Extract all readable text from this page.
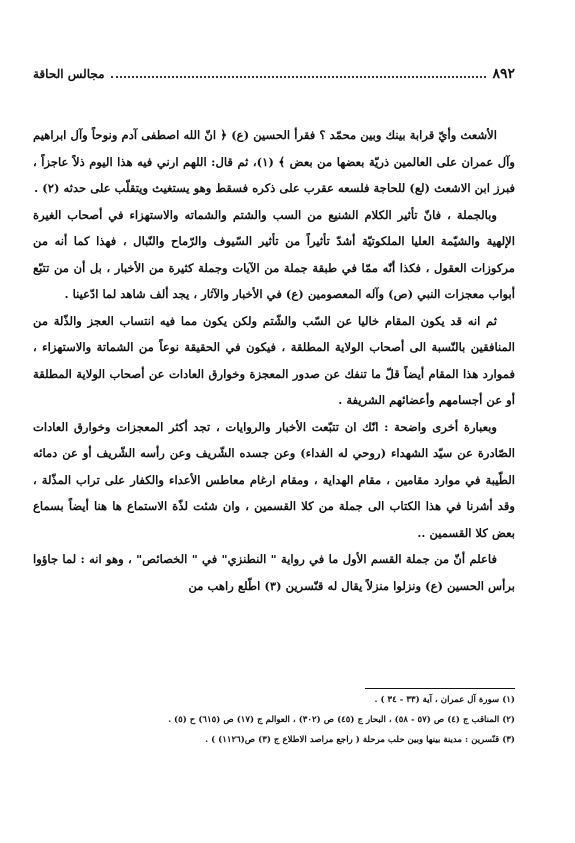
٨٩٢
مجالس الحاقة

الأشعث وأيّ قرابة بينك وبين محمّد ؟ فقرأ الحسين (ع) ﴿ انّ الله اصطفى آدم ونوحاً وآل ابراهيم وآل عمران على العالمين ذريّة بعضها من بعض ﴾ (١)، ثم قال: اللهم ارني فيه هذا اليوم ذلاً عاجزاً ، فبرز ابن الاشعث (لع) للحاجة فلسعه عقرب على ذكره فسقط وهو يستغيث ويتقلّب على حدثه (٢) .

وبالجملة ، فانّ تأثير الكلام الشنيع من السب والشتم والشماته والاستهزاء في أصحاب الغيرة الإلهية والشيّمة العليا الملكوتيّة أشدّ تأثيراً من تأثير السّيوف والرّماح والنّبال ، فهذا كما أنه من مركوزات العقول ، فكذا أنّه ممّا في طبقة جملة من الآيات وجملة كثيرة من الأخبار ، بل أن من تتبّع أبواب معجزات النبي (ص) وآله المعصومين (ع) في الأخبار والآثار ، يجد ألف شاهد لما ادّعينا .

ثم انه قد يكون المقام خاليا عن السّب والشّتم ولكن يكون مما فيه انتساب العجز والذّلة من المنافقين بالنّسبة الى أصحاب الولاية المطلقة ، فيكون في الحقيقة نوعاً من الشماتة والاستهزاء ، فموارد هذا المقام أيضاً قلّ ما تنفك عن صدور المعجزة وخوارق العادات عن أصحاب الولاية المطلقة أو عن أجسامهم وأعضائهم الشريفة .

وبعبارة أخرى واضحة : انّك ان تتبّعت الأخبار والروايات ، تجد أكثر المعجزات وخوارق العادات الصّادرة عن سيّد الشهداء (روحي له الفداء) وعن جسده الشّريف وعن رأسه الشّريف أو عن دمائه الطّيبة في موارد مقامين ، مقام الهداية ، ومقام ارغام معاطس الأعداء والكفار على تراب المذّلة ، وقد أشرنا في هذا الكتاب الى جملة من كلا القسمين ، وان شئت لذّة الاستماع ها هنا أيضاً بسماع بعض كلا القسمين ..

فاعلم أنّ من جملة القسم الأول ما في رواية " النطنزي" في " الخصائص" ، وهو انه : لما جاؤوا برأس الحسين (ع) ونزلوا منزلاً يقال له قنّسرين (٣) اطّلع راهب من

(١) سورة آل عمران ، آية (٣٣ - ٣٤ ) .
(٢) المناقب ج (٤) ص (٥٧ - ٥٨) ، البحار ج (٤٥) ص (٣٠٢) ، العوالم ج (١٧) ص (٦١٥) ح (٥) .
(٣) قنّسرين : مدينة بينها وبين حلب مرحلة ( راجع مراصد الاطلاع ج (٣) ص(١١٢٦) ) .
